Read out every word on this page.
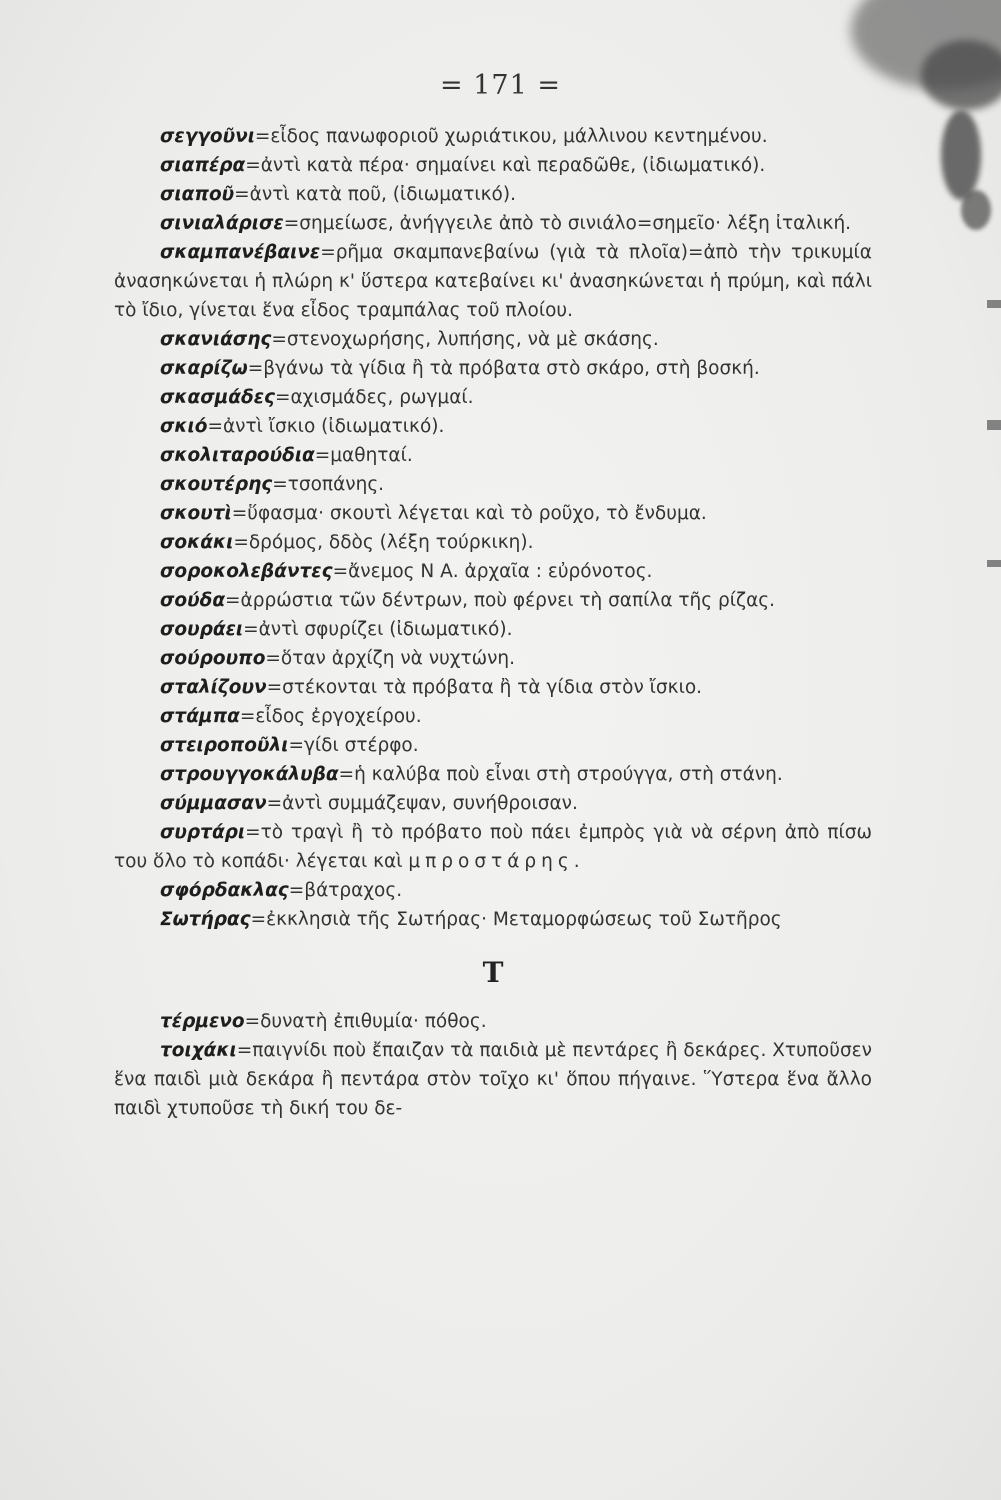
= 171 =

σεγγοῦνι=εἶδος πανωφοριοῦ χωριάτικου, μάλλινου κεντημένου.

σιαπέρα=ἀντὶ κατὰ πέρα· σημαίνει καὶ περαδῶθε, (ἰδιωματικό).

σιαποῦ=ἀντὶ κατὰ ποῦ, (ἰδιωματικό).

σινιαλάρισε=σημείωσε, ἀνήγγειλε ἀπὸ τὸ σινιάλο=σημεῖο· λέξη ἰταλική.

σκαμπανέβαινε=ρῆμα σκαμπανεβαίνω (γιὰ τὰ πλοῖα)=ἀπὸ τὴν τρικυμία ἀνασηκώνεται ἡ πλώρη κ' ὕστερα κατεβαίνει κι' ἀνασηκώνεται ἡ πρύμη, καὶ πάλι τὸ ἴδιο, γίνεται ἕνα εἶδος τραμπάλας τοῦ πλοίου.

σκανιάσης=στενοχωρήσης, λυπήσης, νὰ μὲ σκάσης.

σκαρίζω=βγάνω τὰ γίδια ἢ τὰ πρόβατα στὸ σκάρο, στὴ βοσκή.

σκασμάδες=αχισμάδες, ρωγμαί.

σκιό=ἀντὶ ἴσκιο (ἰδιωματικό).

σκολιταρούδια=μαθηταί.

σκουτέρης=τσοπάνης.

σκουτὶ=ὕφασμα· σκουτὶ λέγεται καὶ τὸ ροῦχο, τὸ ἔνδυμα.

σοκάκι=δρόμος, δδὸς (λέξη τούρκικη).

σοροκολεβάντες=ἄνεμος Ν Α. ἀρχαῖα : εὐρόνοτος.

σούδα=ἀρρώστια τῶν δέντρων, ποὺ φέρνει τὴ σαπίλα τῆς ρίζας.

σουράει=ἀντὶ σφυρίζει (ἰδιωματικό).

σούρουπο=ὅταν ἀρχίζη νὰ νυχτώνη.

σταλίζουν=στέκονται τὰ πρόβατα ἢ τὰ γίδια στὸν ἴσκιο.

στάμπα=εἶδος ἐργοχείρου.

στειροποῦλι=γίδι στέρφο.

στρουγγοκάλυβα=ἡ καλύβα ποὺ εἶναι στὴ στρούγγα, στὴ στάνη.

σύμμασαν=ἀντὶ συμμάζεψαν, συνήθροισαν.

συρτάρι=τὸ τραγὶ ἢ τὸ πρόβατο ποὺ πάει ἐμπρὸς γιὰ νὰ σέρνη ἀπὸ πίσω του ὅλο τὸ κοπάδι· λέγεται καὶ μπροστάρης.

σφόρδακλας=βάτραχος.

Σωτήρας=ἐκκλησιὰ τῆς Σωτήρας· Μεταμορφώσεως τοῦ Σωτῆρος

Τ

τέρμενο=δυνατὴ ἐπιθυμία· πόθος.

τοιχάκι=παιγνίδι ποὺ ἔπαιζαν τὰ παιδιὰ μὲ πεντάρες ἢ δεκάρες. Χτυποῦσεν ἕνα παιδὶ μιὰ δεκάρα ἢ πεντάρα στὸν τοῖχο κι' ὅπου πήγαινε. Ὕστερα ἕνα ἄλλο παιδὶ χτυποῦσε τὴ δική του δε-
